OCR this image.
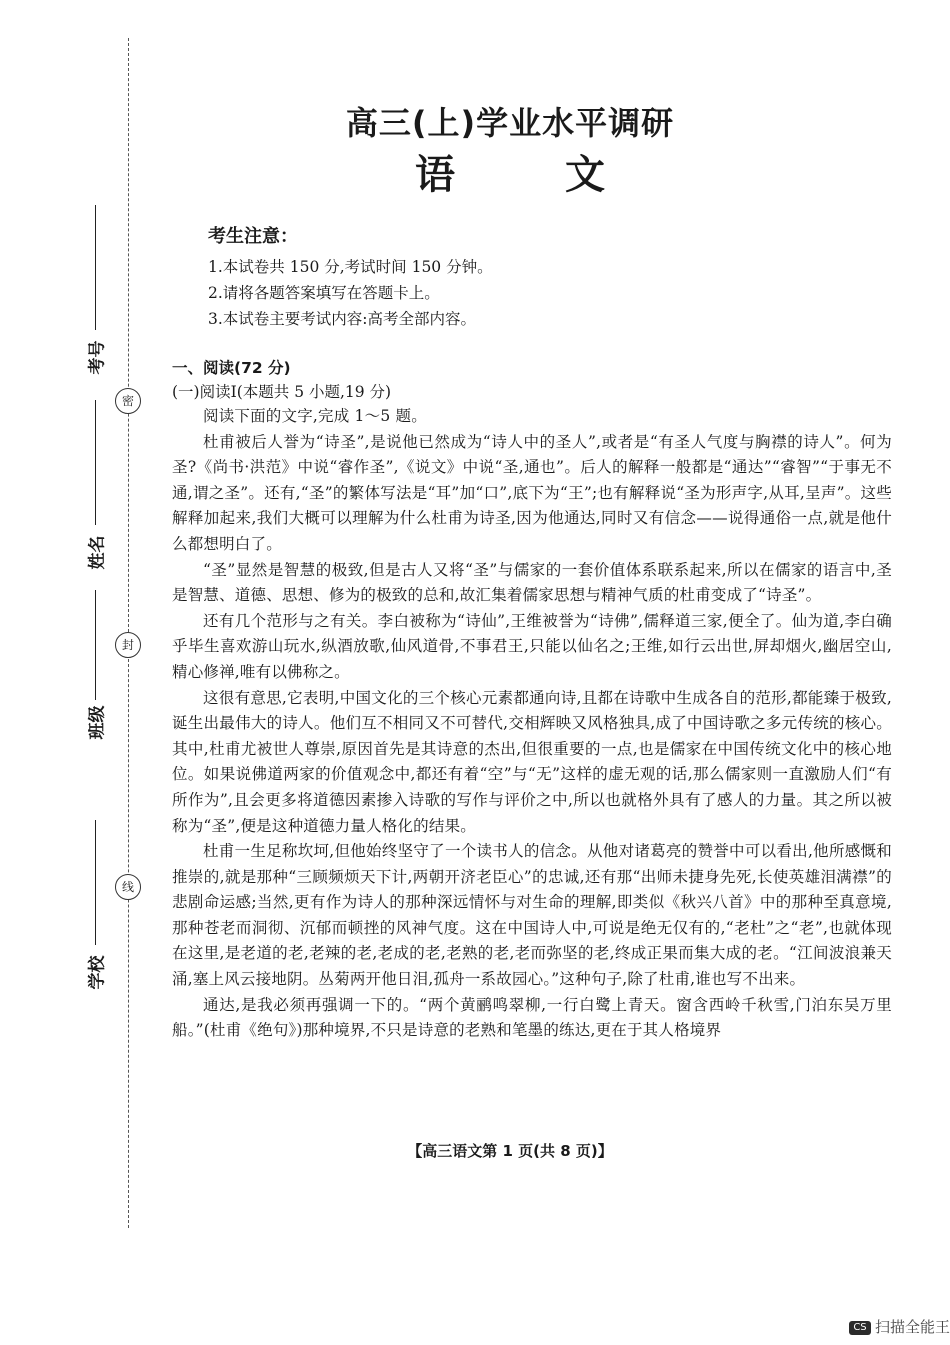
密
封
线
考号
姓名
班级
学校
高三(上)学业水平调研
语	文
考生注意：
1.本试卷共 150 分,考试时间 150 分钟。
2.请将各题答案填写在答题卡上。
3.本试卷主要考试内容:高考全部内容。
一、阅读(72 分)
(一)阅读Ⅰ(本题共 5 小题,19 分)

阅读下面的文字,完成 1～5 题。

杜甫被后人誉为“诗圣”,是说他已然成为“诗人中的圣人”,或者是“有圣人气度与胸襟的诗人”。何为圣?《尚书·洪范》中说“睿作圣”,《说文》中说“圣,通也”。后人的解释一般都是“通达”“睿智”“于事无不通,谓之圣”。还有,“圣”的繁体写法是“耳”加“口”,底下为“王”;也有解释说“圣为形声字,从耳,呈声”。这些解释加起来,我们大概可以理解为什么杜甫为诗圣,因为他通达,同时又有信念——说得通俗一点,就是他什么都想明白了。

“圣”显然是智慧的极致,但是古人又将“圣”与儒家的一套价值体系联系起来,所以在儒家的语言中,圣是智慧、道德、思想、修为的极致的总和,故汇集着儒家思想与精神气质的杜甫变成了“诗圣”。

还有几个范形与之有关。李白被称为“诗仙”,王维被誉为“诗佛”,儒释道三家,便全了。仙为道,李白确乎毕生喜欢游山玩水,纵酒放歌,仙风道骨,不事君王,只能以仙名之;王维,如行云出世,屏却烟火,幽居空山,精心修禅,唯有以佛称之。

这很有意思,它表明,中国文化的三个核心元素都通向诗,且都在诗歌中生成各自的范形,都能臻于极致,诞生出最伟大的诗人。他们互不相同又不可替代,交相辉映又风格独具,成了中国诗歌之多元传统的核心。其中,杜甫尤被世人尊崇,原因首先是其诗意的杰出,但很重要的一点,也是儒家在中国传统文化中的核心地位。如果说佛道两家的价值观念中,都还有着“空”与“无”这样的虚无观的话,那么儒家则一直激励人们“有所作为”,且会更多将道德因素掺入诗歌的写作与评价之中,所以也就格外具有了感人的力量。其之所以被称为“圣”,便是这种道德力量人格化的结果。

杜甫一生足称坎坷,但他始终坚守了一个读书人的信念。从他对诸葛亮的赞誉中可以看出,他所感慨和推崇的,就是那种“三顾频烦天下计,两朝开济老臣心”的忠诚,还有那“出师未捷身先死,长使英雄泪满襟”的悲剧命运感;当然,更有作为诗人的那种深远情怀与对生命的理解,即类似《秋兴八首》中的那种至真意境,那种苍老而洞彻、沉郁而顿挫的风神气度。这在中国诗人中,可说是绝无仅有的,“老杜”之“老”,也就体现在这里,是老道的老,老辣的老,老成的老,老熟的老,老而弥坚的老,终成正果而集大成的老。“江间波浪兼天涌,塞上风云接地阴。丛菊两开他日泪,孤舟一系故园心。”这种句子,除了杜甫,谁也写不出来。

通达,是我必须再强调一下的。“两个黄鹂鸣翠柳,一行白鹭上青天。窗含西岭千秋雪,门泊东吴万里船。”(杜甫《绝句》)那种境界,不只是诗意的老熟和笔墨的练达,更在于其人格境界

【高三语文第 1 页(共 8 页)】
CS 扫描全能王
